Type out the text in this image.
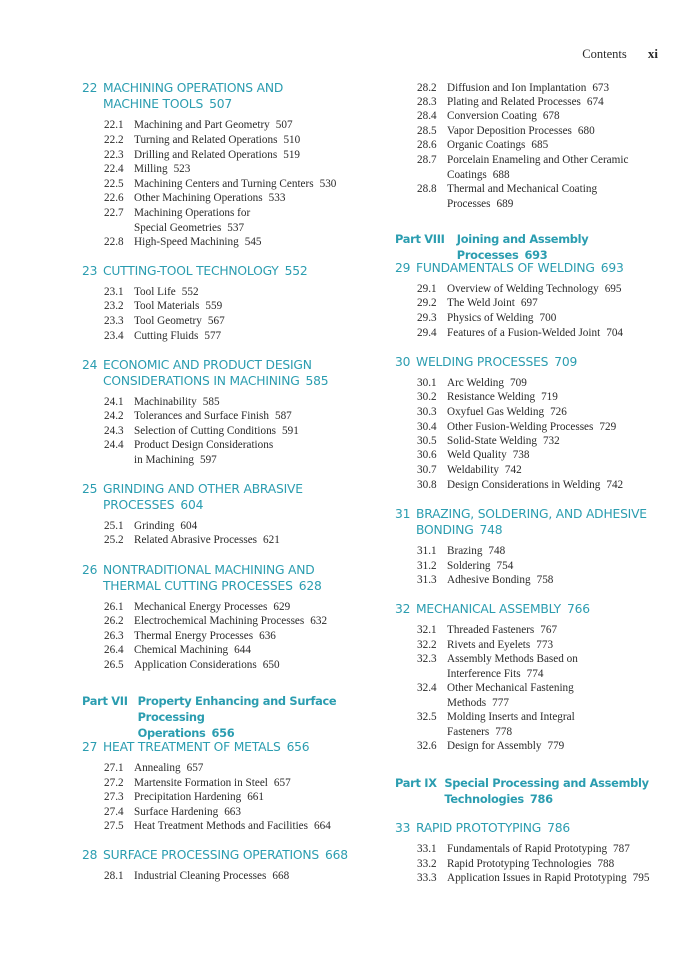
Contents xi
22 MACHINING OPERATIONS AND
MACHINE TOOLS 507
22.1 Machining and Part Geometry 507
22.2 Turning and Related Operations 510
22.3 Drilling and Related Operations 519
22.4 Milling 523
22.5 Machining Centers and Turning Centers 530
22.6 Other Machining Operations 533
22.7 Machining Operations for
Special Geometries 537
22.8 High-Speed Machining 545
23 CUTTING-TOOL TECHNOLOGY 552
23.1 Tool Life 552
23.2 Tool Materials 559
23.3 Tool Geometry 567
23.4 Cutting Fluids 577
24 ECONOMIC AND PRODUCT DESIGN
CONSIDERATIONS IN MACHINING 585
24.1 Machinability 585
24.2 Tolerances and Surface Finish 587
24.3 Selection of Cutting Conditions 591
24.4 Product Design Considerations
in Machining 597
25 GRINDING AND OTHER ABRASIVE
PROCESSES 604
25.1 Grinding 604
25.2 Related Abrasive Processes 621
26 NONTRADITIONAL MACHINING AND
THERMAL CUTTING PROCESSES 628
26.1 Mechanical Energy Processes 629
26.2 Electrochemical Machining Processes 632
26.3 Thermal Energy Processes 636
26.4 Chemical Machining 644
26.5 Application Considerations 650
Part VII Property Enhancing and Surface Processing
Operations 656
27 HEAT TREATMENT OF METALS 656
27.1 Annealing 657
27.2 Martensite Formation in Steel 657
27.3 Precipitation Hardening 661
27.4 Surface Hardening 663
27.5 Heat Treatment Methods and Facilities 664
28 SURFACE PROCESSING OPERATIONS 668
28.1 Industrial Cleaning Processes 668
28.2 Diffusion and Ion Implantation 673
28.3 Plating and Related Processes 674
28.4 Conversion Coating 678
28.5 Vapor Deposition Processes 680
28.6 Organic Coatings 685
28.7 Porcelain Enameling and Other Ceramic
Coatings 688
28.8 Thermal and Mechanical Coating
Processes 689
Part VIII Joining and Assembly Processes 693
29 FUNDAMENTALS OF WELDING 693
29.1 Overview of Welding Technology 695
29.2 The Weld Joint 697
29.3 Physics of Welding 700
29.4 Features of a Fusion-Welded Joint 704
30 WELDING PROCESSES 709
30.1 Arc Welding 709
30.2 Resistance Welding 719
30.3 Oxyfuel Gas Welding 726
30.4 Other Fusion-Welding Processes 729
30.5 Solid-State Welding 732
30.6 Weld Quality 738
30.7 Weldability 742
30.8 Design Considerations in Welding 742
31 BRAZING, SOLDERING, AND ADHESIVE
BONDING 748
31.1 Brazing 748
31.2 Soldering 754
31.3 Adhesive Bonding 758
32 MECHANICAL ASSEMBLY 766
32.1 Threaded Fasteners 767
32.2 Rivets and Eyelets 773
32.3 Assembly Methods Based on
Interference Fits 774
32.4 Other Mechanical Fastening
Methods 777
32.5 Molding Inserts and Integral
Fasteners 778
32.6 Design for Assembly 779
Part IX Special Processing and Assembly
Technologies 786
33 RAPID PROTOTYPING 786
33.1 Fundamentals of Rapid Prototyping 787
33.2 Rapid Prototyping Technologies 788
33.3 Application Issues in Rapid Prototyping 795
